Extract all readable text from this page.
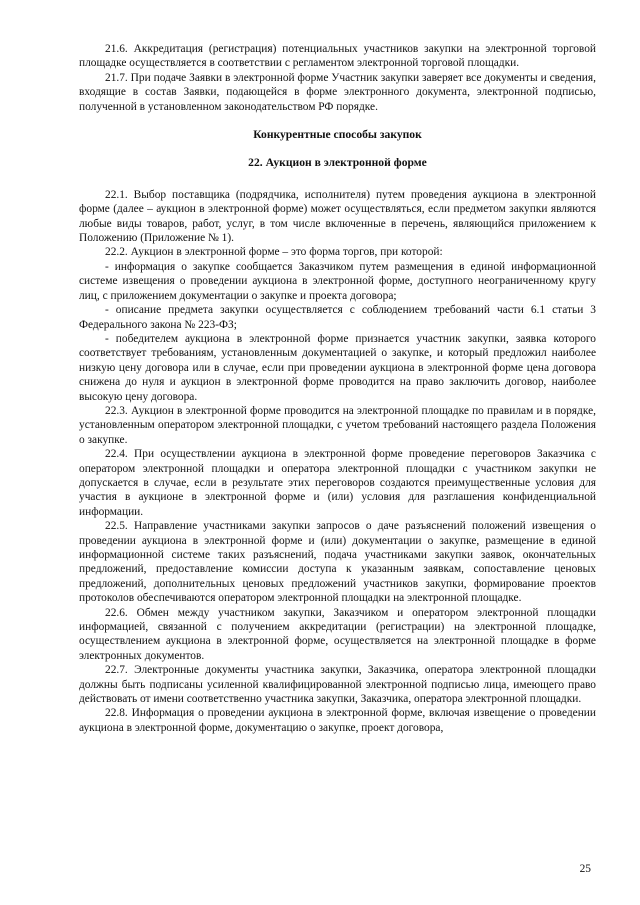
21.6. Аккредитация (регистрация) потенциальных участников закупки на электронной торговой площадке осуществляется в соответствии с регламентом электронной торговой площадки.

21.7. При подаче Заявки в электронной форме Участник закупки заверяет все документы и сведения, входящие в состав Заявки, подающейся в форме электронного документа, электронной подписью, полученной в установленном законодательством РФ порядке.

Конкурентные способы закупок
22. Аукцион в электронной форме

22.1. Выбор поставщика (подрядчика, исполнителя) путем проведения аукциона в электронной форме (далее – аукцион в электронной форме) может осуществляться, если предметом закупки являются любые виды товаров, работ, услуг, в том числе включенные в перечень, являющийся приложением к Положению (Приложение № 1).

22.2. Аукцион в электронной форме – это форма торгов, при которой:

- информация о закупке сообщается Заказчиком путем размещения в единой информационной системе извещения о проведении аукциона в электронной форме, доступного неограниченному кругу лиц, с приложением документации о закупке и проекта договора;

- описание предмета закупки осуществляется с соблюдением требований части 6.1 статьи 3 Федерального закона № 223-ФЗ;

- победителем аукциона в электронной форме признается участник закупки, заявка которого соответствует требованиям, установленным документацией о закупке, и который предложил наиболее низкую цену договора или в случае, если при проведении аукциона в электронной форме цена договора снижена до нуля и аукцион в электронной форме проводится на право заключить договор, наиболее высокую цену договора.

22.3. Аукцион в электронной форме проводится на электронной площадке по правилам и в порядке, установленным оператором электронной площадки, с учетом требований настоящего раздела Положения о закупке.

22.4. При осуществлении аукциона в электронной форме проведение переговоров Заказчика с оператором электронной площадки и оператора электронной площадки с участником закупки не допускается в случае, если в результате этих переговоров создаются преимущественные условия для участия в аукционе в электронной форме и (или) условия для разглашения конфиденциальной информации.

22.5. Направление участниками закупки запросов о даче разъяснений положений извещения о проведении аукциона в электронной форме и (или) документации о закупке, размещение в единой информационной системе таких разъяснений, подача участниками закупки заявок, окончательных предложений, предоставление комиссии доступа к указанным заявкам, сопоставление ценовых предложений, дополнительных ценовых предложений участников закупки, формирование проектов протоколов обеспечиваются оператором электронной площадки на электронной площадке.

22.6. Обмен между участником закупки, Заказчиком и оператором электронной площадки информацией, связанной с получением аккредитации (регистрации) на электронной площадке, осуществлением аукциона в электронной форме, осуществляется на электронной площадке в форме электронных документов.

22.7. Электронные документы участника закупки, Заказчика, оператора электронной площадки должны быть подписаны усиленной квалифицированной электронной подписью лица, имеющего право действовать от имени соответственно участника закупки, Заказчика, оператора электронной площадки.

22.8. Информация о проведении аукциона в электронной форме, включая извещение о проведении аукциона в электронной форме, документацию о закупке, проект договора,

25
